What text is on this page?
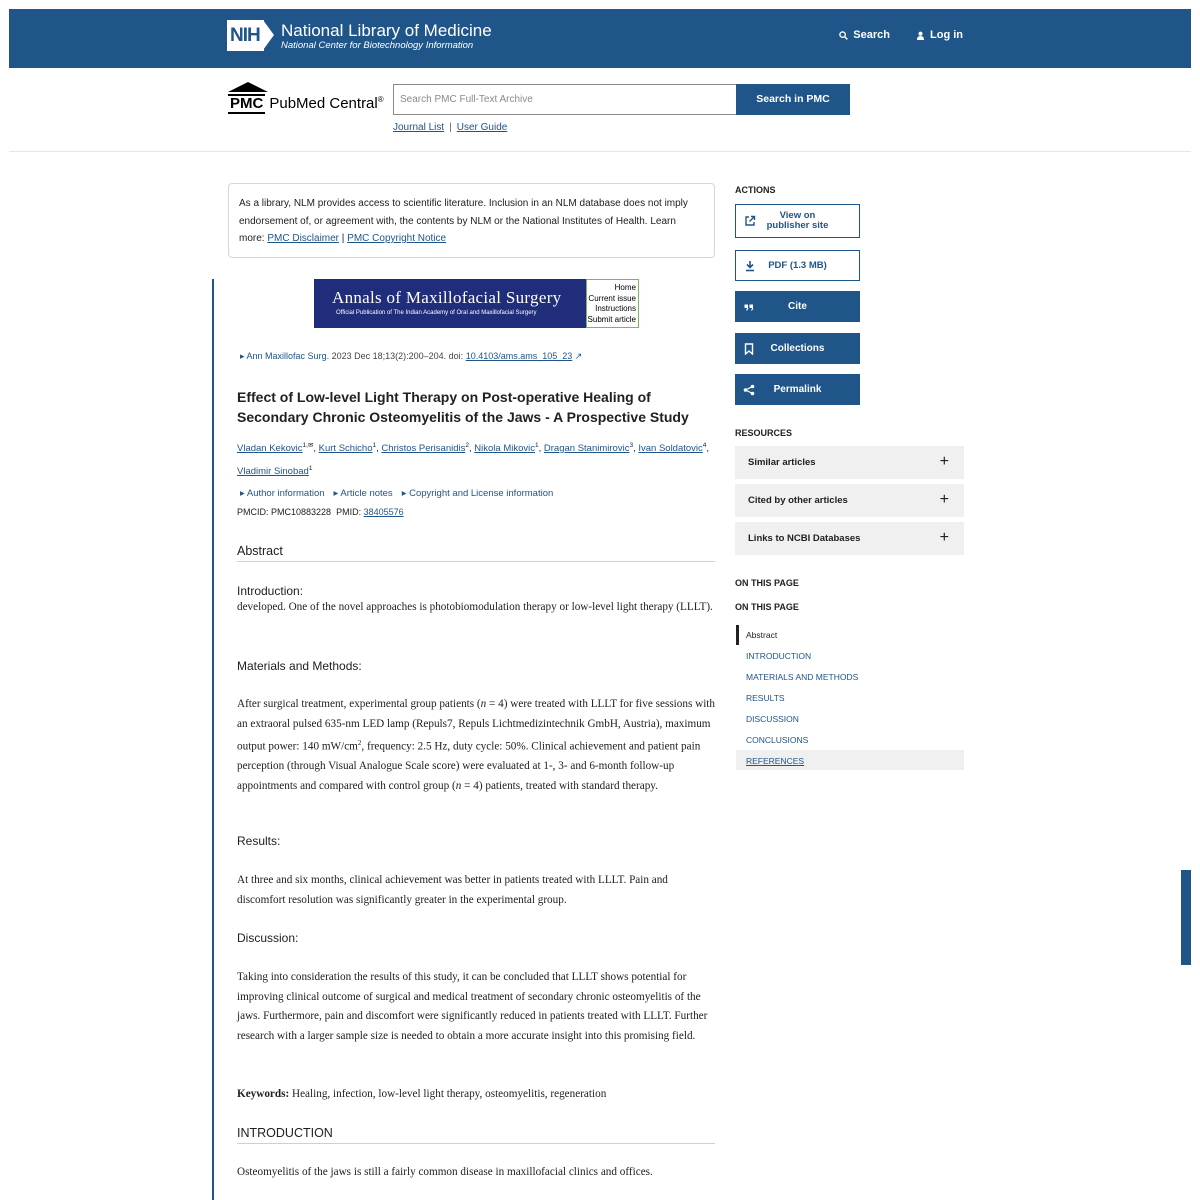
NIH National Library of Medicine
National Center for Biotechnology Information
Search	Log in
PMC PubMed Central®	Search PMC Full-Text Archive	Search in PMC
Journal List | User Guide
As a library, NLM provides access to scientific literature. Inclusion in an NLM database does not imply endorsement of, or agreement with, the contents by NLM or the National Institutes of Health. Learn more: PMC Disclaimer | PMC Copyright Notice
Annals of Maxillofacial Surgery
Official Publication of The Indian Academy of Oral and Maxillofacial Surgery
Home
Current issue
Instructions
Submit article
▸ Ann Maxillofac Surg. 2023 Dec 18;13(2):200–204. doi: 10.4103/ams.ams_105_23 ↗
Effect of Low-level Light Therapy on Post-operative Healing of Secondary Chronic Osteomyelitis of the Jaws - A Prospective Study
Vladan Kekovic$^{1,✉}$, Kurt Schicho$^1$, Christos Perisanidis$^2$, Nikola Mikovic$^1$, Dragan Stanimirovic$^3$, Ivan Soldatovic$^4$, Vladimir Sinobad$^1$
▸ Author information ▸ Article notes ▸ Copyright and License information
PMCID: PMC10883228 PMID: 38405576
Abstract
Introduction:
developed. One of the novel approaches is photobiomodulation therapy or low-level light therapy (LLLT).
Materials and Methods:
After surgical treatment, experimental group patients (n = 4) were treated with LLLT for five sessions with an extraoral pulsed 635-nm LED lamp (Repuls7, Repuls Lichtmedizintechnik GmbH, Austria), maximum output power: 140 $mW/cm^2$, frequency: 2.5 Hz, duty cycle: 50%. Clinical achievement and patient pain perception (through Visual Analogue Scale score) were evaluated at 1-, 3- and 6-month follow-up appointments and compared with control group (n = 4) patients, treated with standard therapy.
Results:
At three and six months, clinical achievement was better in patients treated with LLLT. Pain and discomfort resolution was significantly greater in the experimental group.
Discussion:
Taking into consideration the results of this study, it can be concluded that LLLT shows potential for improving clinical outcome of surgical and medical treatment of secondary chronic osteomyelitis of the jaws. Furthermore, pain and discomfort were significantly reduced in patients treated with LLLT. Further research with a larger sample size is needed to obtain a more accurate insight into this promising field.
Keywords: Healing, infection, low-level light therapy, osteomyelitis, regeneration
INTRODUCTION
Osteomyelitis of the jaws is still a fairly common disease in maxillofacial clinics and offices.
ACTIONS
View on publisher site
PDF (1.3 MB)
Cite
Collections
Permalink
RESOURCES
Similar articles	+
Cited by other articles	+
Links to NCBI Databases	+
ON THIS PAGE
ON THIS PAGE
Abstract
INTRODUCTION
MATERIALS AND METHODS
RESULTS
DISCUSSION
CONCLUSIONS
REFERENCES
